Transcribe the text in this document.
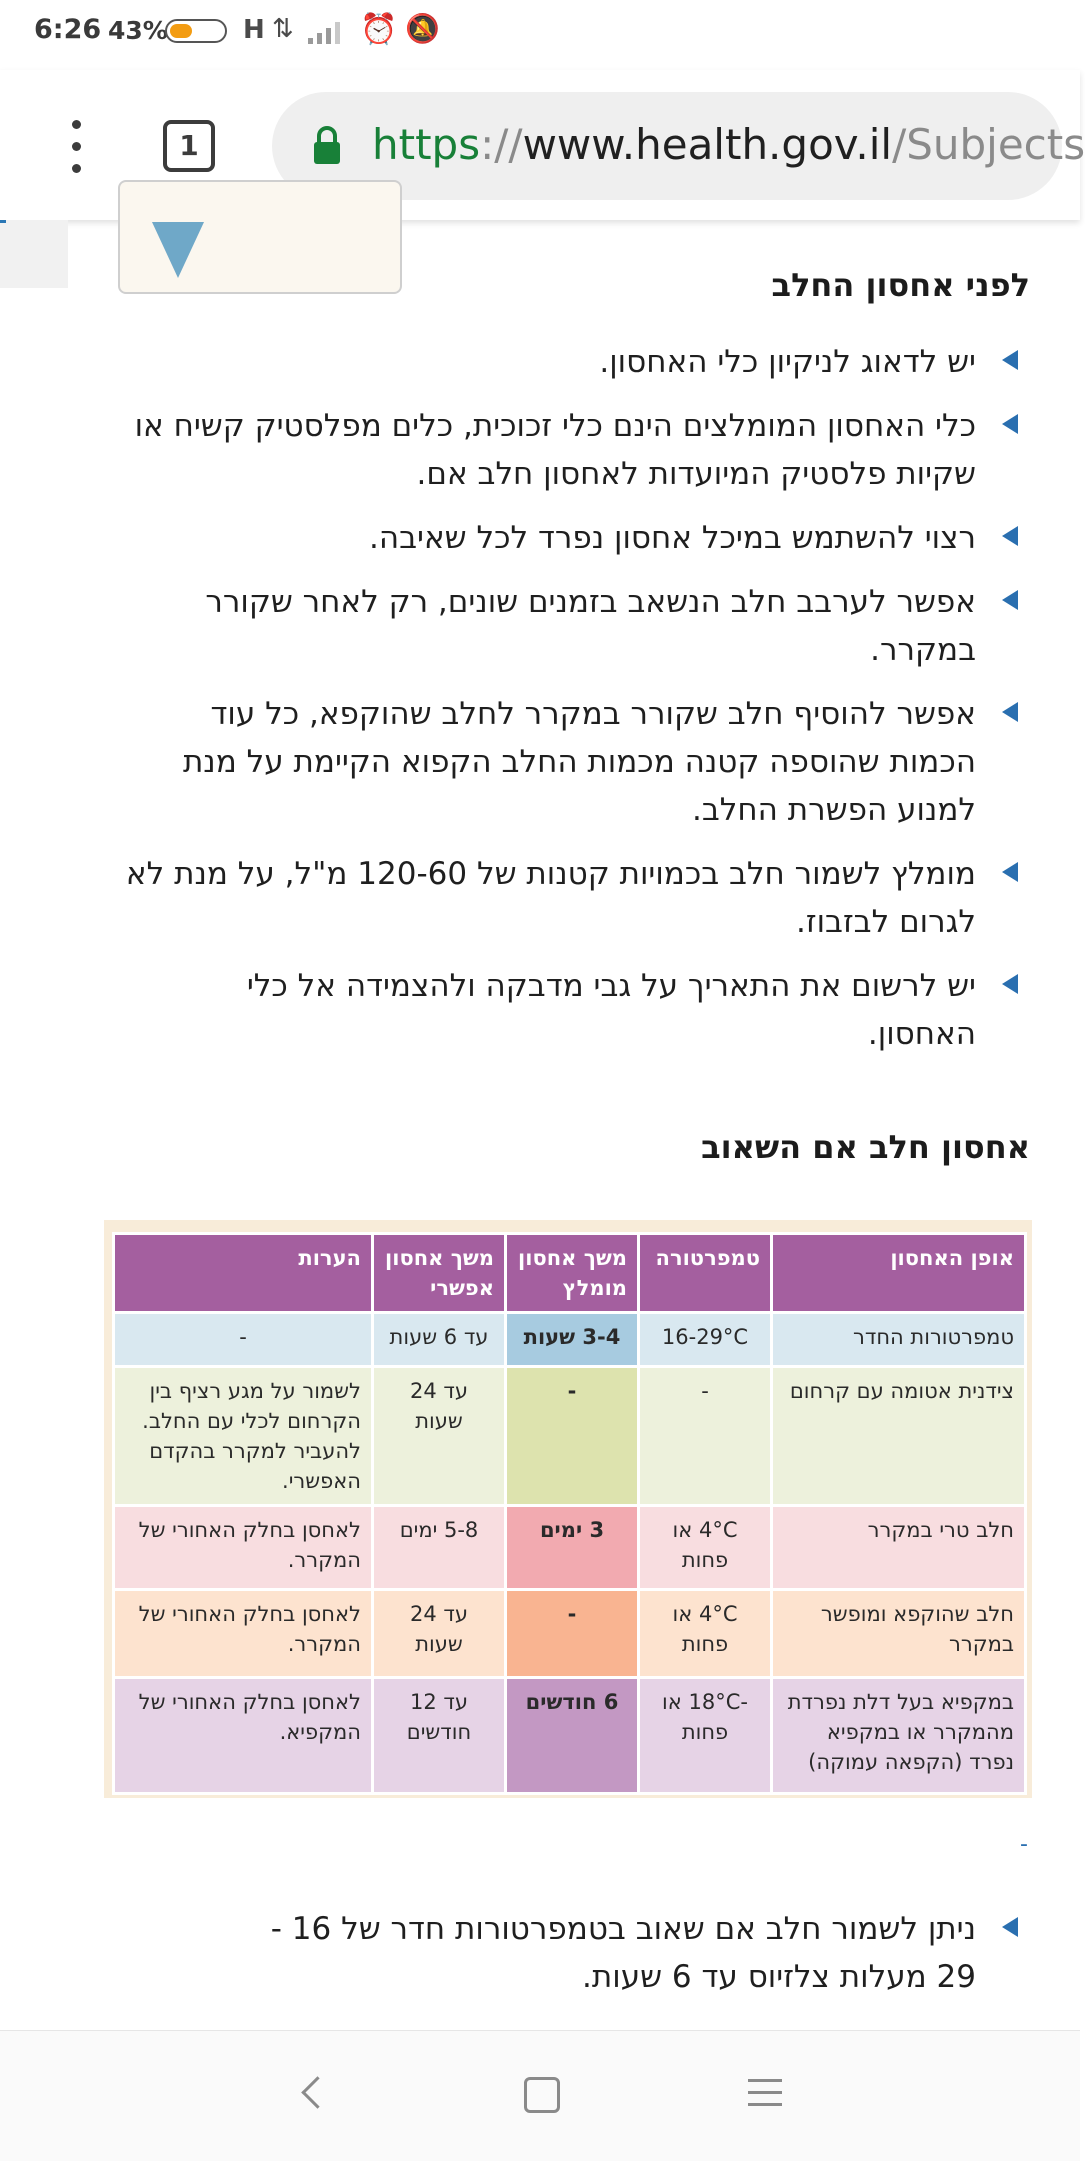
6:26 43%	H ⇅ ⏰ 🔕
1	https://www.health.gov.il/Subjects
לפני אחסון החלב
יש לדאוג לניקיון כלי האחסון.
כלי האחסון המומלצים הינם כלי זכוכית, כלים מפלסטיק קשיח או שקיות פלסטיק המיועדות לאחסון חלב אם.
רצוי להשתמש במיכל אחסון נפרד לכל שאיבה.
אפשר לערבב חלב הנשאב בזמנים שונים, רק לאחר שקורר במקרר.
אפשר להוסיף חלב שקורר במקרר לחלב שהוקפא, כל עוד הכמות שהוספה קטנה מכמות החלב הקפוא הקיימת על מנת למנוע הפשרת החלב.
מומלץ לשמור חלב בכמויות קטנות של 120-60 מ"ל, על מנת לא לגרום לבזבוז.
יש לרשום את התאריך על גבי מדבקה ולהצמידה אל כלי האחסון.
אחסון חלב אם השאוב
אופן האחסון	טמפרטורה	משך אחסון מומלץ	משך אחסון אפשרי	הערות
טמפרטורות החדר	16-29°C	3-4 שעות	עד 6 שעות	-
צידנית אטומה עם קרחום	-	-	עד 24 שעות	לשמור על מגע רציף בין הקרחום לכלי עם החלב. להעביר למקרר בהקדם האפשרי.
חלב טרי במקרר	4°C או פחות	3 ימים	5-8 ימים	לאחסן בחלק האחורי של המקרר.
חלב שהוקפא ומופשר במקרר	4°C או פחות	-	עד 24 שעות	לאחסן בחלק האחורי של המקרר.
במקפיא בעל דלת נפרדת מהמקרר או במקפיא נפרד (הקפאה עמוקה)	-18°C או פחות	6 חודשים	עד 12 חודשים	לאחסן בחלק האחורי של המקפיא.
-
ניתן לשמור חלב אם שאוב בטמפרטורות חדר של 16 - 29 מעלות צלזיוס עד 6 שעות.
